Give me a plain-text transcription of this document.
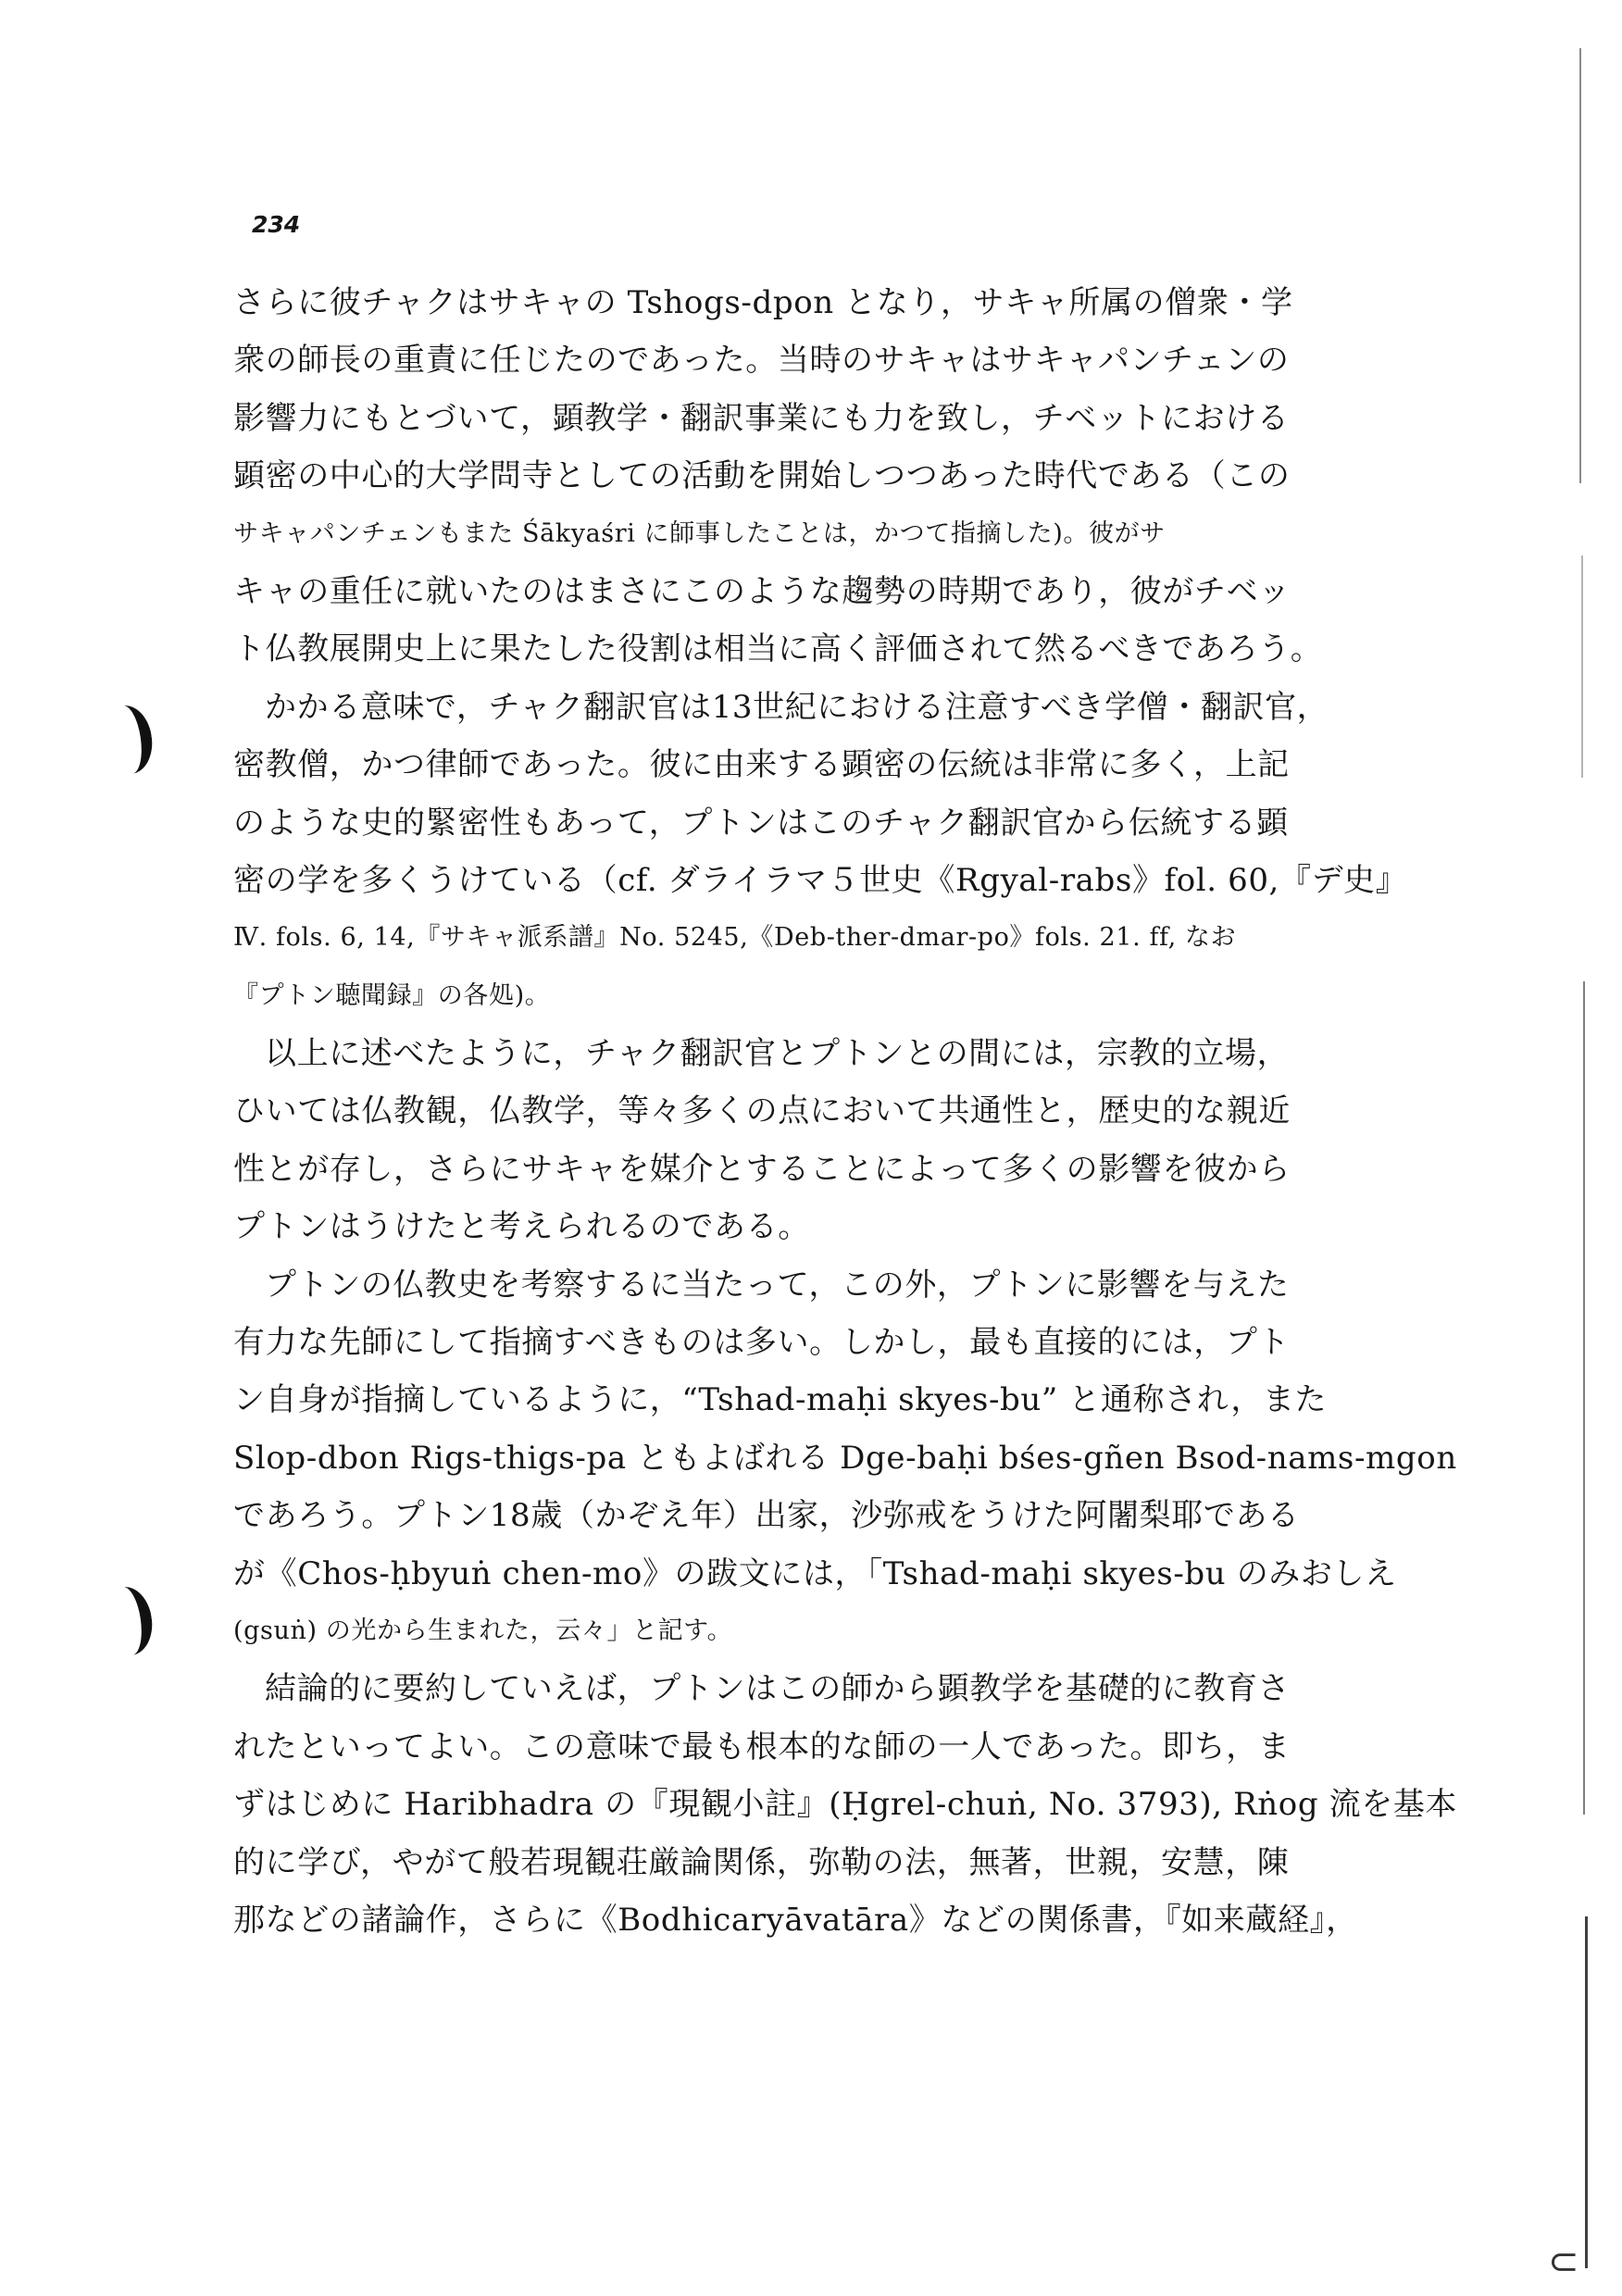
234
さらに彼チャクはサキャの Tshogs-dpon となり，サキャ所属の僧衆・学
衆の師長の重責に任じたのであった。当時のサキャはサキャパンチェンの
影響力にもとづいて，顕教学・翻訳事業にも力を致し，チベットにおける
顕密の中心的大学問寺としての活動を開始しつつあった時代である（この
サキャパンチェンもまた Śākyaśri に師事したことは，かつて指摘した)。彼がサ
キャの重任に就いたのはまさにこのような趨勢の時期であり，彼がチベッ
ト仏教展開史上に果たした役割は相当に高く評価されて然るべきであろう。
かかる意味で，チャク翻訳官は13世紀における注意すべき学僧・翻訳官，
密教僧，かつ律師であった。彼に由来する顕密の伝統は非常に多く，上記
のような史的緊密性もあって，プトンはこのチャク翻訳官から伝統する顕
密の学を多くうけている（cf. ダライラマ５世史《Rgyal-rabs》fol. 60,『デ史』
Ⅳ. fols. 6, 14,『サキャ派系譜』No. 5245,《Deb-ther-dmar-po》fols. 21. ff, なお
『プトン聴聞録』の各処)。
以上に述べたように，チャク翻訳官とプトンとの間には，宗教的立場，
ひいては仏教観，仏教学，等々多くの点において共通性と，歴史的な親近
性とが存し，さらにサキャを媒介とすることによって多くの影響を彼から
プトンはうけたと考えられるのである。
プトンの仏教史を考察するに当たって，この外，プトンに影響を与えた
有力な先師にして指摘すべきものは多い。しかし，最も直接的には，プト
ン自身が指摘しているように，“Tshad-maḥi skyes-bu” と通称され，また
Slop-dbon Rigs-thigs-pa ともよばれる Dge-baḥi bśes-gñen Bsod-nams-mgon
であろう。プトン18歳（かぞえ年）出家，沙弥戒をうけた阿闍梨耶である
が《Chos-ḥbyuṅ chen-mo》の跋文には，「Tshad-maḥi skyes-bu のみおしえ
(gsuṅ) の光から生まれた，云々」と記す。
結論的に要約していえば，プトンはこの師から顕教学を基礎的に教育さ
れたといってよい。この意味で最も根本的な師の一人であった。即ち，ま
ずはじめに Haribhadra の『現観小註』(Ḥgrel-chuṅ, No. 3793), Rṅog 流を基本
的に学び，やがて般若現観荘厳論関係，弥勒の法，無著，世親，安慧，陳
那などの諸論作，さらに《Bodhicaryāvatāra》などの関係書，『如来蔵経』，
⊂
